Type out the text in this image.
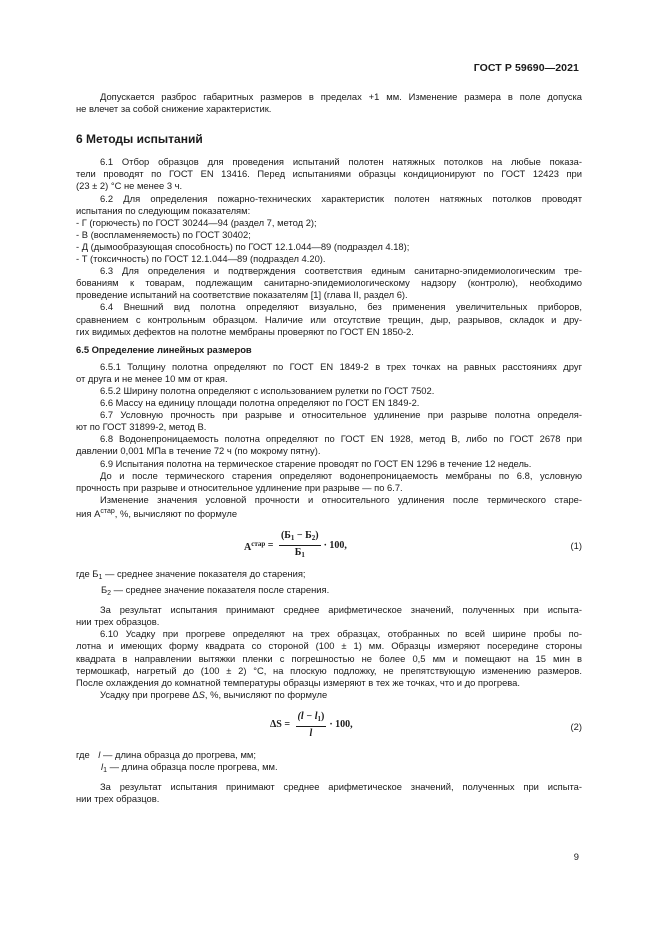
ГОСТ Р 59690—2021
Допускается разброс габаритных размеров в пределах +1 мм. Изменение размера в поле допуска
не влечет за собой снижение характеристик.
6 Методы испытаний
6.1 Отбор образцов для проведения испытаний полотен натяжных потолков на любые показа-
тели проводят по ГОСТ EN 13416. Перед испытаниями образцы кондиционируют по ГОСТ 12423 при
(23 ± 2) °С не менее 3 ч.
6.2 Для определения пожарно-технических характеристик полотен натяжных потолков проводят
испытания по следующим показателям:
- Г (горючесть) по ГОСТ 30244—94 (раздел 7, метод 2);
- В (воспламеняемость) по ГОСТ 30402;
- Д (дымообразующая способность) по ГОСТ 12.1.044—89 (подраздел 4.18);
- Т (токсичность) по ГОСТ 12.1.044—89 (подраздел 4.20).
6.3 Для определения и подтверждения соответствия единым санитарно-эпидемиологическим тре-
бованиям к товарам, подлежащим санитарно-эпидемиологическому надзору (контролю), необходимо
проведение испытаний на соответствие показателям [1] (глава II, раздел 6).
6.4 Внешний вид полотна определяют визуально, без применения увеличительных приборов,
сравнением с контрольным образцом. Наличие или отсутствие трещин, дыр, разрывов, складок и дру-
гих видимых дефектов на полотне мембраны проверяют по ГОСТ EN 1850-2.
6.5 Определение линейных размеров
6.5.1 Толщину полотна определяют по ГОСТ EN 1849-2 в трех точках на равных расстояниях друг
от друга и не менее 10 мм от края.
6.5.2 Ширину полотна определяют с использованием рулетки по ГОСТ 7502.
6.6 Массу на единицу площади полотна определяют по ГОСТ EN 1849-2.
6.7 Условную прочность при разрыве и относительное удлинение при разрыве полотна определя-
ют по ГОСТ 31899-2, метод В.
6.8 Водонепроницаемость полотна определяют по ГОСТ EN 1928, метод В, либо по ГОСТ 2678 при
давлении 0,001 МПа в течение 72 ч (по мокрому пятну).
6.9 Испытания полотна на термическое старение проводят по ГОСТ EN 1296 в течение 12 недель.
До и после термического старения определяют водонепроницаемость мембраны по 6.8, условную
прочность при разрыве и относительное удлинение при разрыве — по 6.7.
Изменение значения условной прочности и относительного удлинения после термического старе-
ния $А^{стар}$, %, вычисляют по формуле
$А^{стар} = \frac{(Б_1 - Б_2)}{Б_1} \cdot 100$,	(1)
где $Б_1$ — среднее значение показателя до старения;
$Б_2$ — среднее значение показателя после старения.
За результат испытания принимают среднее арифметическое значений, полученных при испыта-
нии трех образцов.
6.10 Усадку при прогреве определяют на трех образцах, отобранных по всей ширине пробы по-
лотна и имеющих форму квадрата со стороной (100 ± 1) мм. Образцы измеряют посередине стороны
квадрата в направлении вытяжки пленки с погрешностью не более 0,5 мм и помещают на 15 мин в
термошкаф, нагретый до (100 ± 2) °С, на плоскую подложку, не препятствующую изменению размеров.
После охлаждения до комнатной температуры образцы измеряют в тех же точках, что и до прогрева.
Усадку при прогреве ΔS, %, вычисляют по формуле
$\Delta S = \frac{(l - l_1)}{l} \cdot 100$,	(2)
где l — длина образца до прогрева, мм;
$l_1$ — длина образца после прогрева, мм.
За результат испытания принимают среднее арифметическое значений, полученных при испыта-
нии трех образцов.
9
